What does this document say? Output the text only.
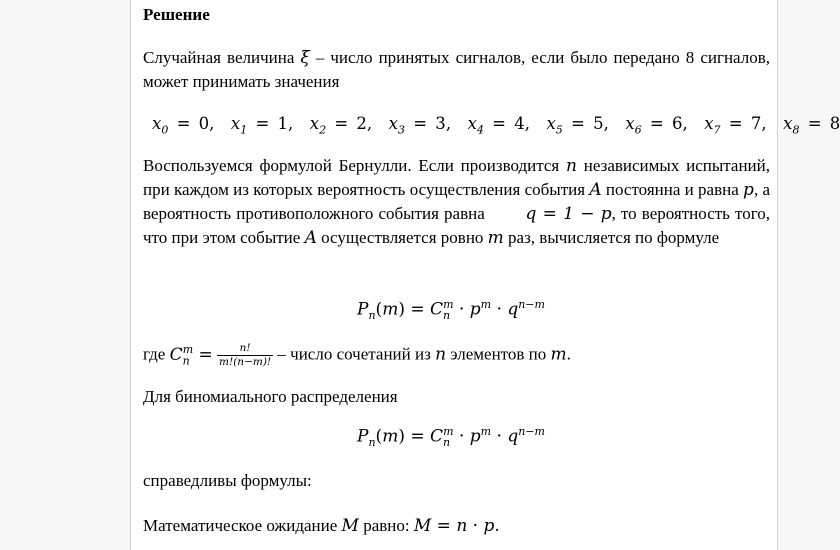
Решение
Случайная величина ξ – число принятых сигналов, если было передано 8 сигналов, может принимать значения
$x_0 = 0$, $x_1 = 1$, $x_2 = 2$, $x_3 = 3$, $x_4 = 4$, $x_5 = 5$, $x_6 = 6$, $x_7 = 7$, $x_8 = 8$
Воспользуемся формулой Бернулли. Если производится n независимых испытаний, при каждом из которых вероятность осуществления события A постоянна и равна p, а вероятность противоположного события равна        q = 1 − p, то вероятность того, что при этом событие A осуществляется ровно m раз, вычисляется по формуле
$P_n(m) = C_n^m \cdot p^m \cdot q^{n-m}$
где $C_n^m = \frac{n!}{m!(n-m)!}$ – число сочетаний из n элементов по m.
Для биномиального распределения
$P_n(m) = C_n^m \cdot p^m \cdot q^{n-m}$
справедливы формулы:
Математическое ожидание M равно: M = n · p.
